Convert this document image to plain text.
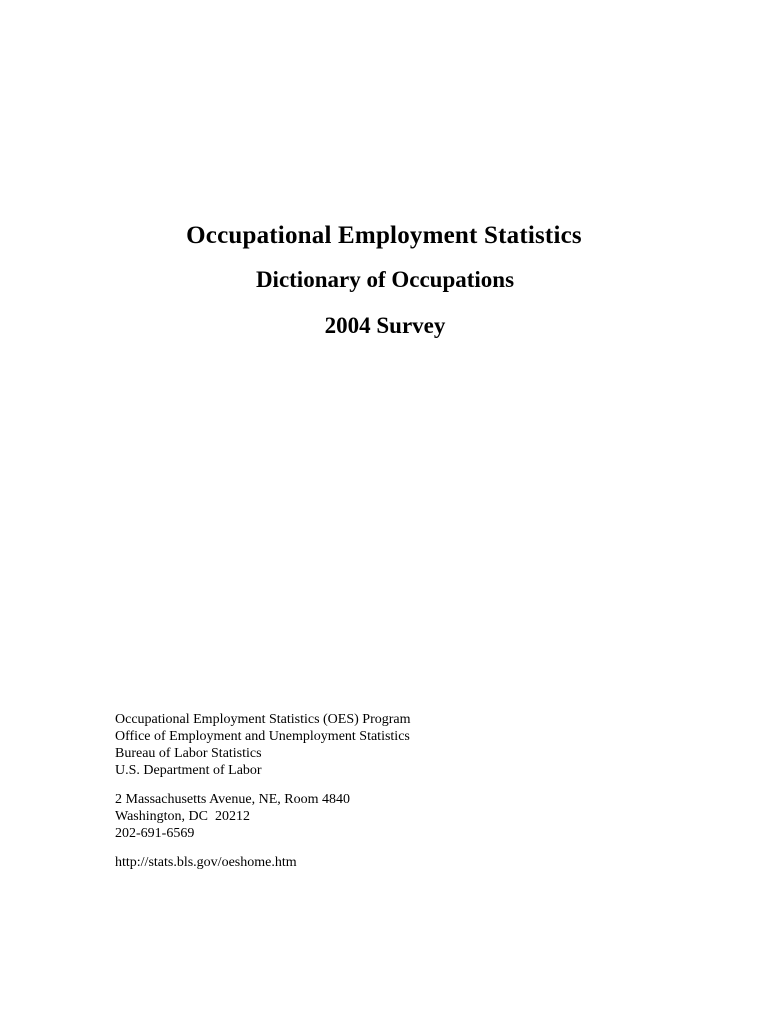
Occupational Employment Statistics
Dictionary of Occupations
2004 Survey
Occupational Employment Statistics (OES) Program
Office of Employment and Unemployment Statistics
Bureau of Labor Statistics
U.S. Department of Labor
2 Massachusetts Avenue, NE, Room 4840
Washington, DC  20212
202-691-6569
http://stats.bls.gov/oeshome.htm
